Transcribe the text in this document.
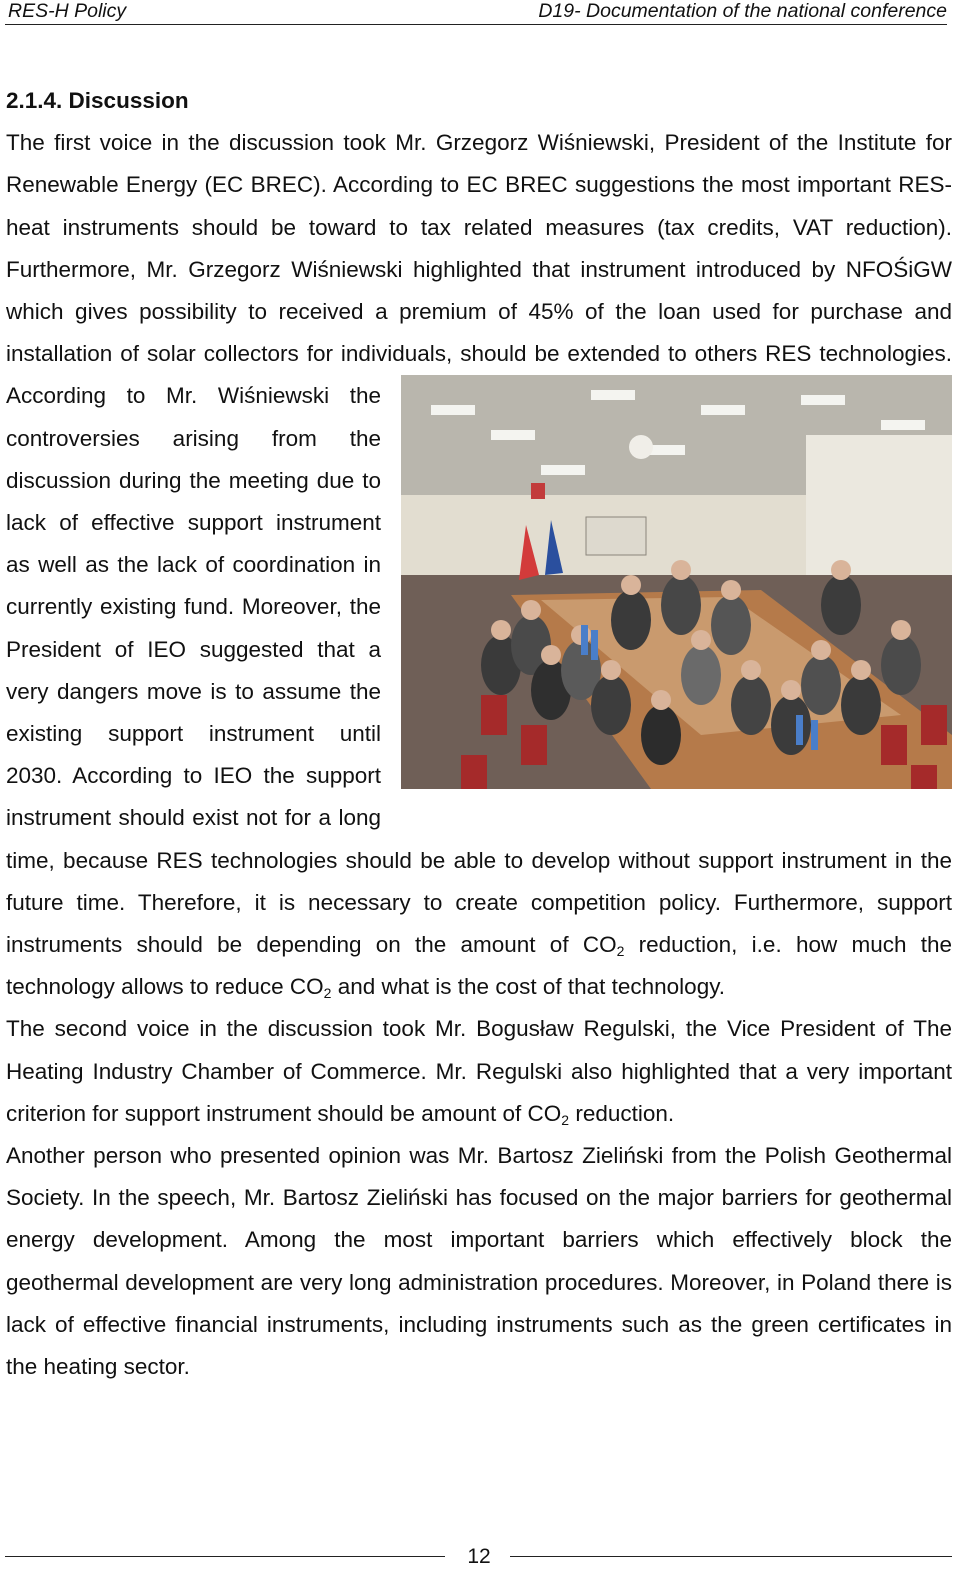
RES-H Policy	D19- Documentation of the national conference
2.1.4. Discussion

The first voice in the discussion took Mr. Grzegorz Wiśniewski, President of the Institute for Renewable Energy (EC BREC). According to EC BREC suggestions the most important RES-heat instruments should be toward to tax related measures (tax credits, VAT reduction). Furthermore, Mr. Grzegorz Wiśniewski highlighted that instrument introduced by NFOŚiGW which gives possibility to received a premium of 45% of the loan used for purchase and installation of solar collectors for individuals,
should be extended to others RES technologies. According to Mr. Wiśniewski the controversies arising from the discussion during the meeting due to lack of effective support instrument as well as the lack of coordination in currently existing fund. Moreover, the President of IEO suggested that a very dangers move is to assume the existing support instrument until 2030. According to IEO the support instrument should exist not for a long time, because RES technologies should be able to develop without support instrument in the future time. Therefore, it is necessary to create competition policy. Furthermore, support instruments should be depending on the amount of $CO_2$ reduction, i.e. how much the technology allows to reduce $CO_2$ and what is the cost of that technology.

The second voice in the discussion took Mr. Bogusław Regulski, the Vice President of The Heating Industry Chamber of Commerce. Mr. Regulski also highlighted that a very important criterion for support instrument should be amount of $CO_2$ reduction.

Another person who presented opinion was Mr. Bartosz Zieliński from the Polish Geothermal Society. In the speech, Mr. Bartosz Zieliński has focused on the major barriers for geothermal energy development. Among the most important barriers which effectively block the geothermal development are very long administration procedures. Moreover, in Poland there is lack of effective financial instruments, including instruments such as the green certificates in the heating sector.

12
